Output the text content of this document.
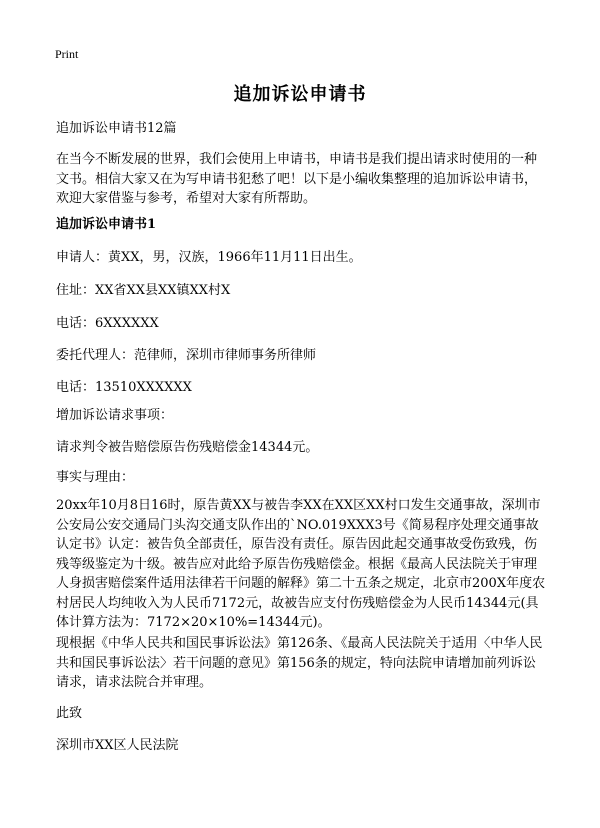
Print
追加诉讼申请书

追加诉讼申请书12篇

在当今不断发展的世界，我们会使用上申请书，申请书是我们提出请求时使用的一种文书。相信大家又在为写申请书犯愁了吧！以下是小编收集整理的追加诉讼申请书，欢迎大家借鉴与参考，希望对大家有所帮助。

追加诉讼申请书1

申请人：黄XX，男，汉族，1966年11月11日出生。

住址：XX省XX县XX镇XX村X

电话：6XXXXXX

委托代理人：范律师，深圳市律师事务所律师

电话：13510XXXXXX

增加诉讼请求事项：

请求判令被告赔偿原告伤残赔偿金14344元。

事实与理由：

20xx年10月8日16时，原告黄XX与被告李XX在XX区XX村口发生交通事故，深圳市公安局公安交通局门头沟交通支队作出的`NO.019XXX3号《简易程序处理交通事故认定书》认定：被告负全部责任，原告没有责任。原告因此起交通事故受伤致残，伤残等级鉴定为十级。被告应对此给予原告伤残赔偿金。根据《最高人民法院关于审理人身损害赔偿案件适用法律若干问题的解释》第二十五条之规定，北京市200X年度农村居民人均纯收入为人民币7172元，故被告应支付伤残赔偿金为人民币14344元(具体计算方法为：7172×20×10%=14344元)。

现根据《中华人民共和国民事诉讼法》第126条、《最高人民法院关于适用〈中华人民共和国民事诉讼法〉若干问题的意见》第156条的规定，特向法院申请增加前列诉讼请求，请求法院合并审理。

此致

深圳市XX区人民法院
